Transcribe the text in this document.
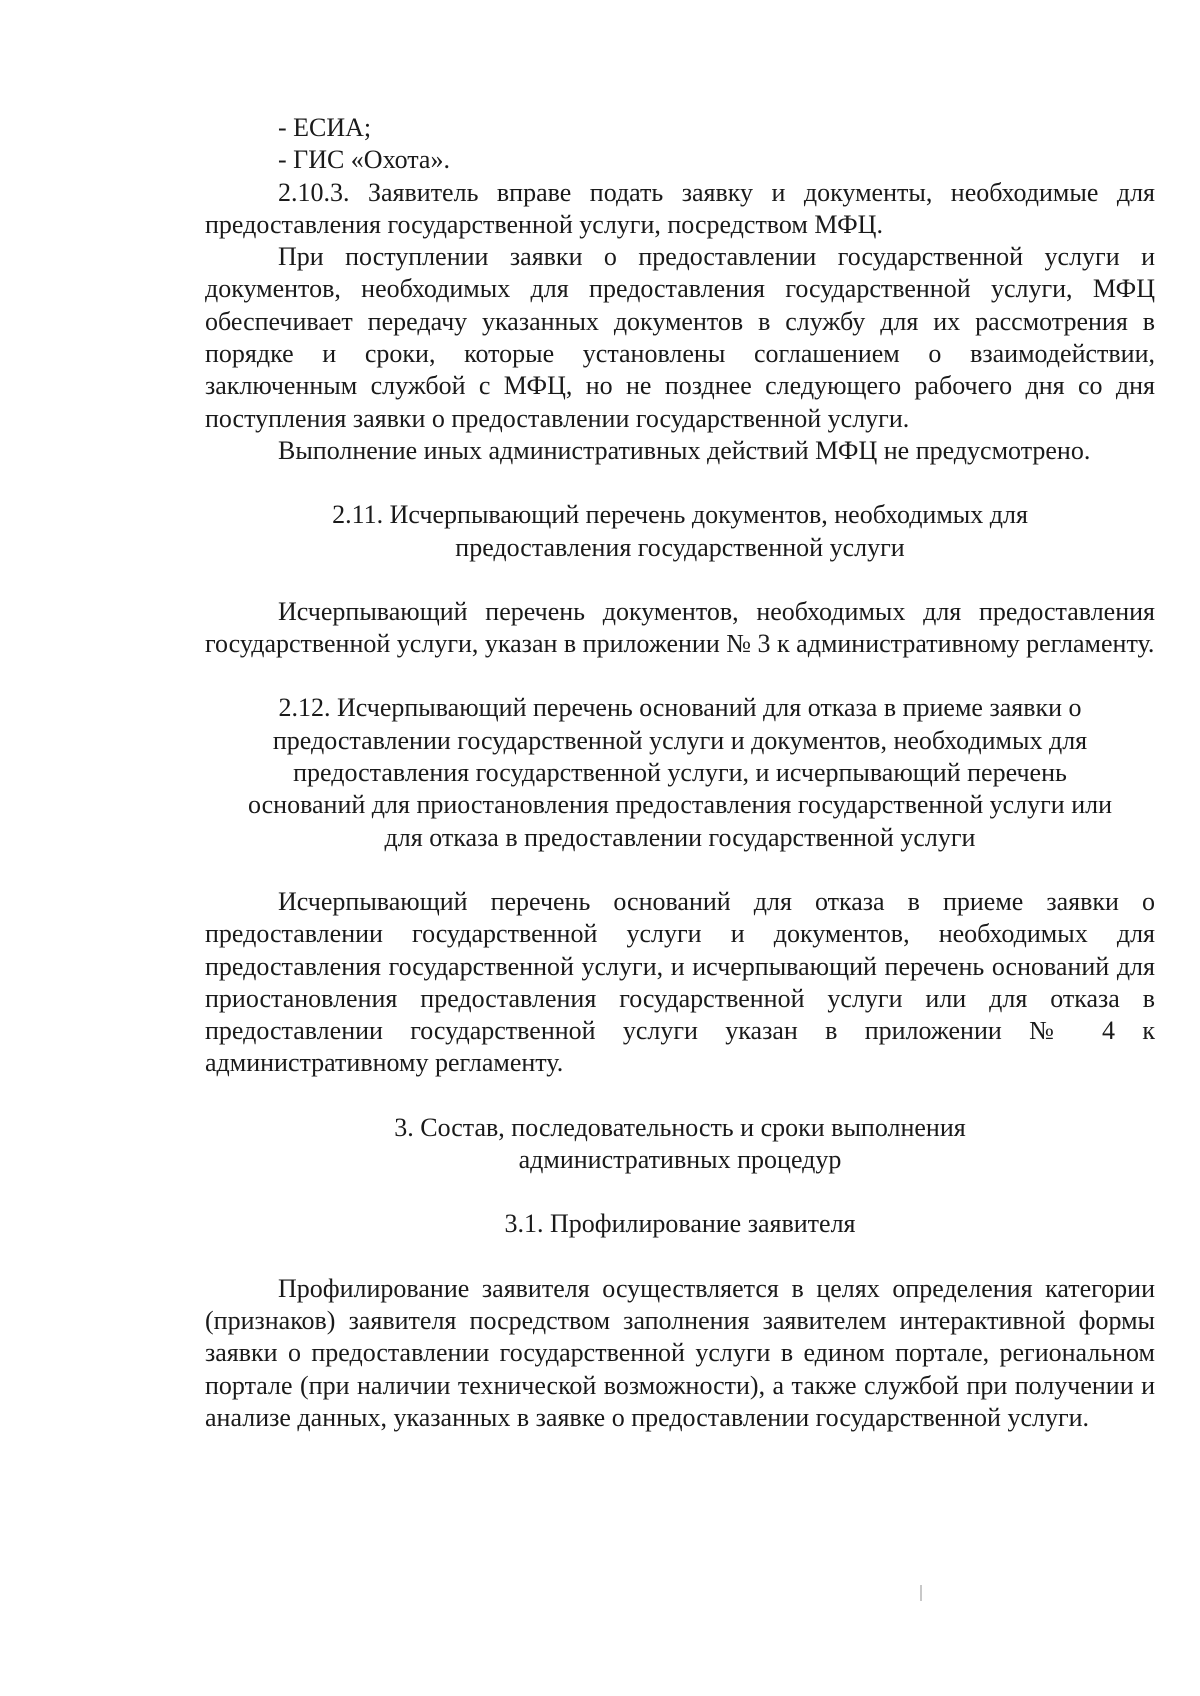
- ЕСИА;
- ГИС «Охота».

2.10.3. Заявитель вправе подать заявку и документы, необходимые для предоставления государственной услуги, посредством МФЦ.

При поступлении заявки о предоставлении государственной услуги и документов, необходимых для предоставления государственной услуги, МФЦ обеспечивает передачу указанных документов в службу для их рассмотрения в порядке и сроки, которые установлены соглашением о взаимодействии, заключенным службой с МФЦ, но не позднее следующего рабочего дня со дня поступления заявки о предоставлении государственной услуги.

Выполнение иных административных действий МФЦ не предусмотрено.

2.11. Исчерпывающий перечень документов, необходимых для

предоставления государственной услуги

Исчерпывающий перечень документов, необходимых для предоставления государственной услуги, указан в приложении № 3 к административному регламенту.

2.12. Исчерпывающий перечень оснований для отказа в приеме заявки о

предоставлении государственной услуги и документов, необходимых для

предоставления государственной услуги, и исчерпывающий перечень

оснований для приостановления предоставления государственной услуги или

для отказа в предоставлении государственной услуги

Исчерпывающий перечень оснований для отказа в приеме заявки о предоставлении государственной услуги и документов, необходимых для предоставления государственной услуги, и исчерпывающий перечень оснований для приостановления предоставления государственной услуги или для отказа в предоставлении государственной услуги указан в приложении № 4 к административному регламенту.

3. Состав, последовательность и сроки выполнения

административных процедур

3.1. Профилирование заявителя

Профилирование заявителя осуществляется в целях определения категории (признаков) заявителя посредством заполнения заявителем интерактивной формы заявки о предоставлении государственной услуги в едином портале, региональном портале (при наличии технической возможности), а также службой при получении и анализе данных, указанных в заявке о предоставлении государственной услуги.
